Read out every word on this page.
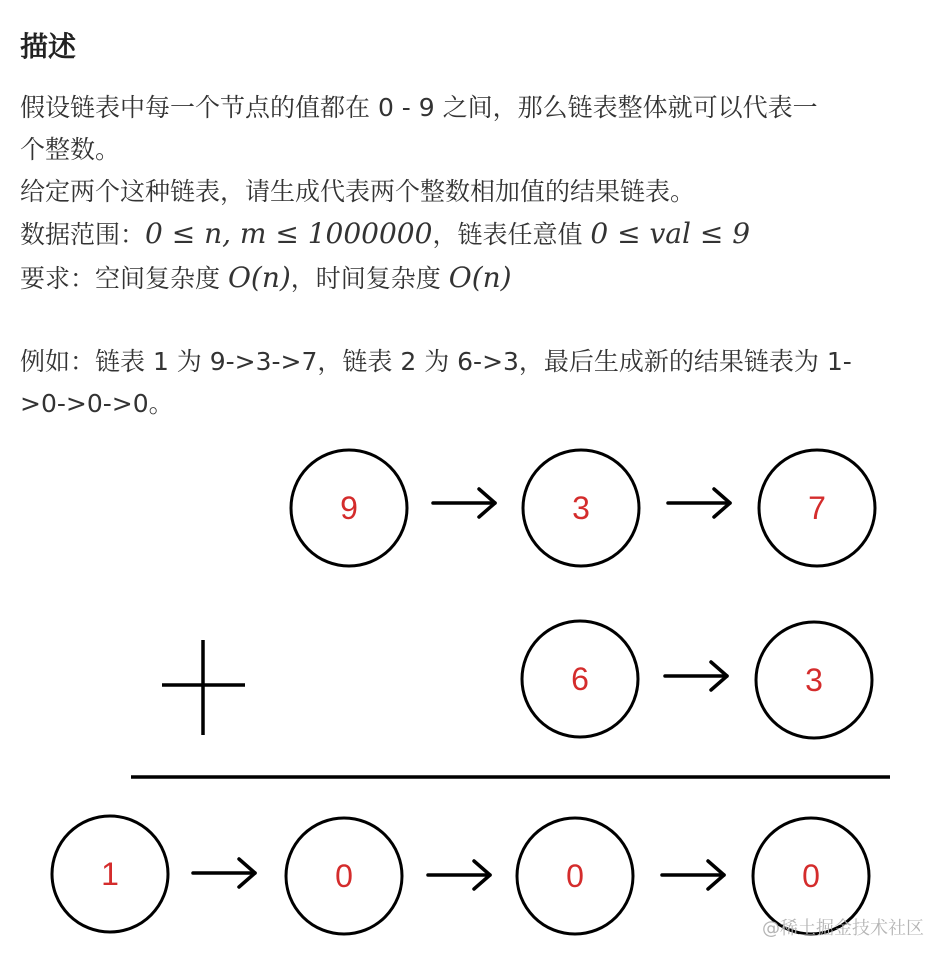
描述
假设链表中每一个节点的值都在 0 - 9 之间，那么链表整体就可以代表一
个整数。
给定两个这种链表，请生成代表两个整数相加值的结果链表。
数据范围：0 ≤ n, m ≤ 1000000，链表任意值 0 ≤ val ≤ 9
要求：空间复杂度 O(n)，时间复杂度 O(n)
例如：链表 1 为 9->3->7，链表 2 为 6->3，最后生成新的结果链表为 1-
>0->0->0。
9	3	7
6	3
1	0	0	0
@稀土掘金技术社区
